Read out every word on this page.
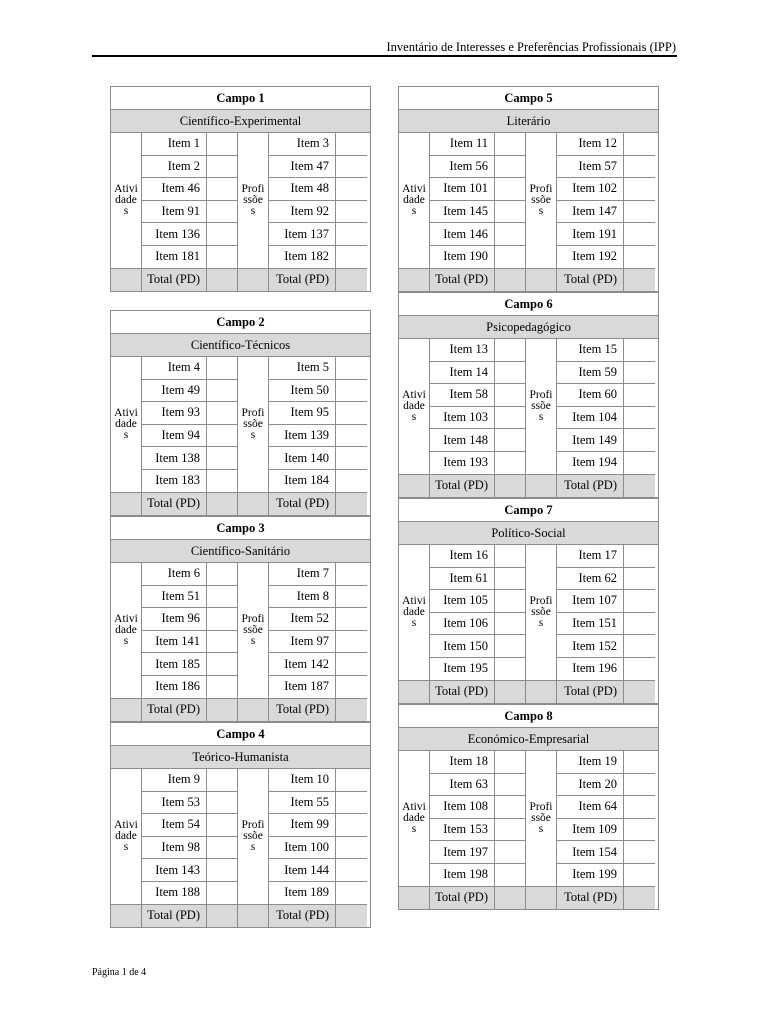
Inventário de Interesses e Preferências Profissionais (IPP)
Campo 1
Científico-Experimental
Atividades
Profissões
Item 1	Item 3
Item 2	Item 47
Item 46	Item 48
Item 91	Item 92
Item 136	Item 137
Item 181	Item 182
Total (PD)	Total (PD)
Campo 2
Científico-Técnicos
Atividades
Profissões
Item 4	Item 5
Item 49	Item 50
Item 93	Item 95
Item 94	Item 139
Item 138	Item 140
Item 183	Item 184
Total (PD)	Total (PD)
Campo 3
Científico-Sanitário
Atividades
Profissões
Item 6	Item 7
Item 51	Item 8
Item 96	Item 52
Item 141	Item 97
Item 185	Item 142
Item 186	Item 187
Total (PD)	Total (PD)
Campo 4
Teórico-Humanista
Atividades
Profissões
Item 9	Item 10
Item 53	Item 55
Item 54	Item 99
Item 98	Item 100
Item 143	Item 144
Item 188	Item 189
Total (PD)	Total (PD)
Campo 5
Literário
Atividades
Profissões
Item 11	Item 12
Item 56	Item 57
Item 101	Item 102
Item 145	Item 147
Item 146	Item 191
Item 190	Item 192
Total (PD)	Total (PD)
Campo 6
Psicopedagógico
Atividades
Profissões
Item 13	Item 15
Item 14	Item 59
Item 58	Item 60
Item 103	Item 104
Item 148	Item 149
Item 193	Item 194
Total (PD)	Total (PD)
Campo 7
Político-Social
Atividades
Profissões
Item 16	Item 17
Item 61	Item 62
Item 105	Item 107
Item 106	Item 151
Item 150	Item 152
Item 195	Item 196
Total (PD)	Total (PD)
Campo 8
Económico-Empresarial
Atividades
Profissões
Item 18	Item 19
Item 63	Item 20
Item 108	Item 64
Item 153	Item 109
Item 197	Item 154
Item 198	Item 199
Total (PD)	Total (PD)
Página 1 de 4
